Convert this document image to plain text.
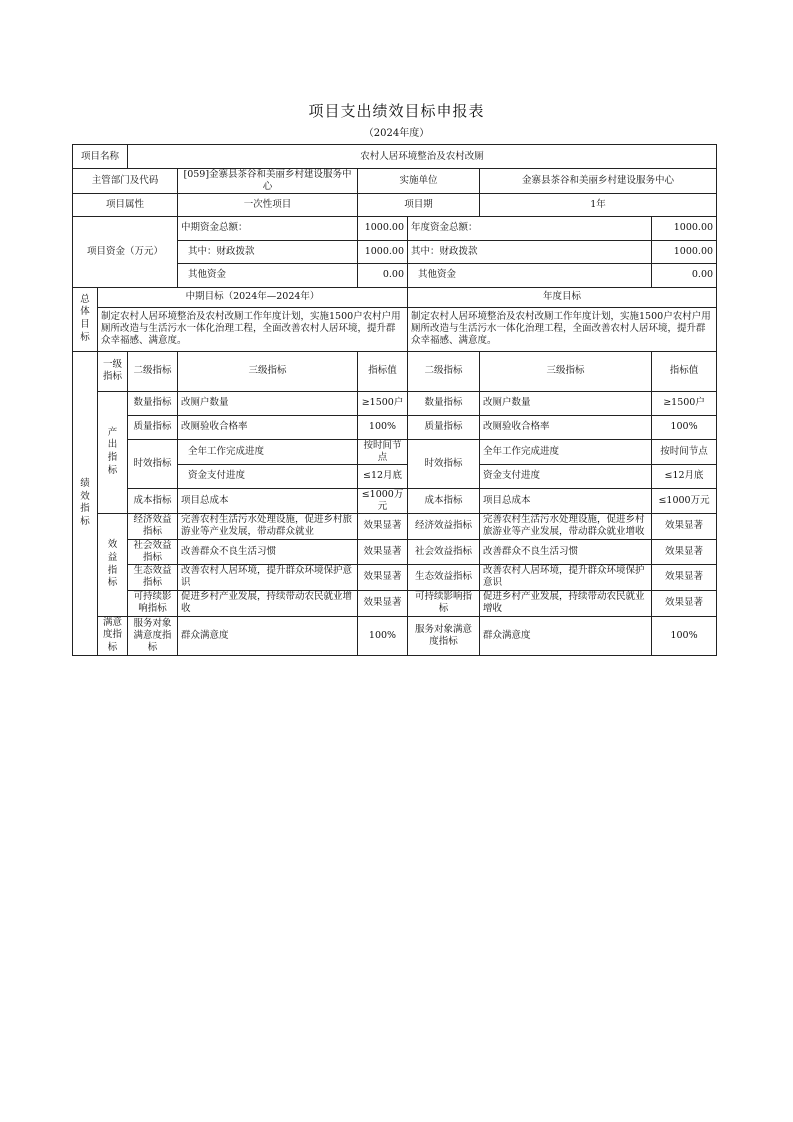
项目支出绩效目标申报表
（2024年度）
项目名称		农村人居环境整治及农村改厕					
主管部门及代码			[059]金寨县茶谷和美丽乡村建设服务中心	实施单位		金寨县茶谷和美丽乡村建设服务中心	
项目属性			一次性项目	项目期		1年	
项目资金（万元）			中期资金总额：	1000.00	年度资金总额：		1000.00
			其中：财政拨款	1000.00	其中：财政拨款		1000.00
			其他资金	0.00	其他资金		0.00
总体目标	中期目标（2024年—2024年）				年度目标		
	制定农村人居环境整治及农村改厕工作年度计划，实施1500户农村户用厕所改造与生活污水一体化治理工程，全面改善农村人居环境，提升群众幸福感、满意度。				制定农村人居环境整治及农村改厕工作年度计划，实施1500户农村户用厕所改造与生活污水一体化治理工程，全面改善农村人居环境，提升群众幸福感、满意度。		
绩效指标	一级指标	二级指标	三级指标	指标值	二级指标	三级指标	指标值
	产出指标	数量指标	改厕户数量	≥1500户	数量指标	改厕户数量	≥1500户
		质量指标	改厕验收合格率	100%	质量指标	改厕验收合格率	100%
		时效指标	全年工作完成进度	按时间节点	时效指标	全年工作完成进度	按时间节点
			资金支付进度	≤12月底		资金支付进度	≤12月底
		成本指标	项目总成本	≤1000万元	成本指标	项目总成本	≤1000万元
	效益指标	经济效益指标	完善农村生活污水处理设施，促进乡村旅游业等产业发展，带动群众就业	效果显著	经济效益指标	完善农村生活污水处理设施，促进乡村旅游业等产业发展，带动群众就业增收	效果显著
		社会效益指标	改善群众不良生活习惯	效果显著	社会效益指标	改善群众不良生活习惯	效果显著
		生态效益指标	改善农村人居环境，提升群众环境保护意识	效果显著	生态效益指标	改善农村人居环境，提升群众环境保护意识	效果显著
		可持续影响指标	促进乡村产业发展，持续带动农民就业增收	效果显著	可持续影响指标	促进乡村产业发展，持续带动农民就业增收	效果显著
	满意度指标	服务对象满意度指标	群众满意度	100%	服务对象满意度指标	群众满意度	100%
